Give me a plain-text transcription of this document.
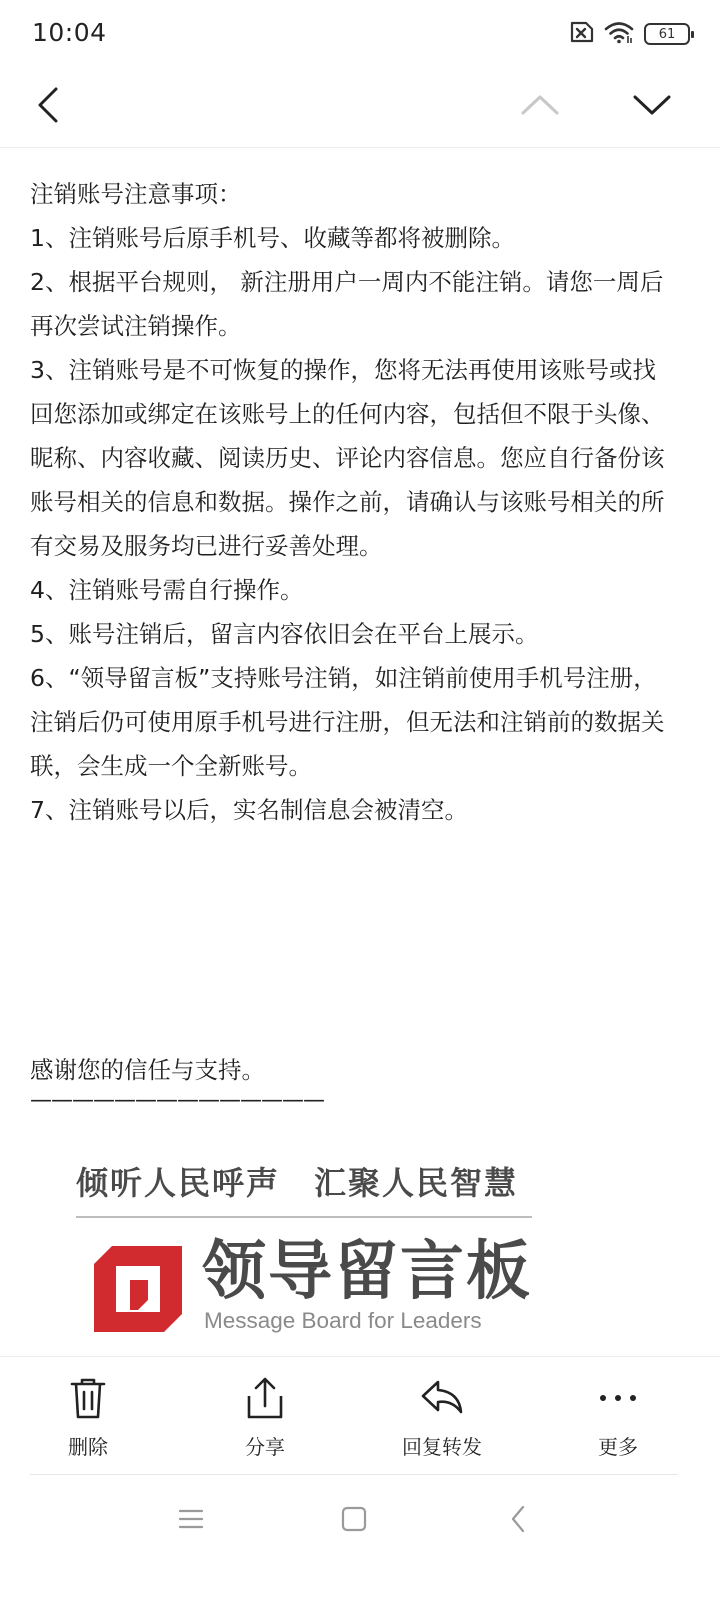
10:04	61

注销账号注意事项：

1、注销账号后原手机号、收藏等都将被删除。

2、根据平台规则， 新注册用户一周内不能注销。请您一周后再次尝试注销操作。

3、注销账号是不可恢复的操作，您将无法再使用该账号或找回您添加或绑定在该账号上的任何内容，包括但不限于头像、昵称、内容收藏、阅读历史、评论内容信息。您应自行备份该账号相关的信息和数据。操作之前，请确认与该账号相关的所有交易及服务均已进行妥善处理。

4、注销账号需自行操作。

5、账号注销后，留言内容依旧会在平台上展示。

6、“领导留言板”支持账号注销，如注销前使用手机号注册，注销后仍可使用原手机号进行注册，但无法和注销前的数据关联，会生成一个全新账号。

7、注销账号以后，实名制信息会被清空。

感谢您的信任与支持。

——————————————
倾听人民呼声　汇聚人民智慧
领导留言板
Message Board for Leaders
删除	分享	回复转发	更多
